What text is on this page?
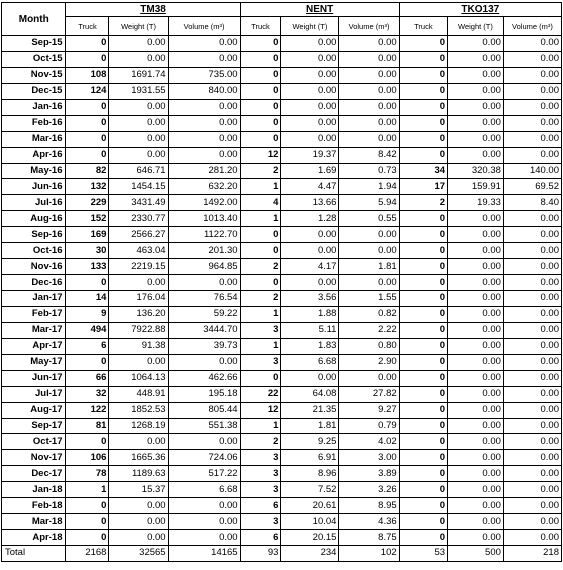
Month	TM38			NENT			TKO137		
	Truck	Weight (T)	Volume (m³)	Truck	Weight (T)	Volume (m³)	Truck	Weight (T)	Volume (m³)
Sep-15	0	0.00	0.00	0	0.00	0.00	0	0.00	0.00
Oct-15	0	0.00	0.00	0	0.00	0.00	0	0.00	0.00
Nov-15	108	1691.74	735.00	0	0.00	0.00	0	0.00	0.00
Dec-15	124	1931.55	840.00	0	0.00	0.00	0	0.00	0.00
Jan-16	0	0.00	0.00	0	0.00	0.00	0	0.00	0.00
Feb-16	0	0.00	0.00	0	0.00	0.00	0	0.00	0.00
Mar-16	0	0.00	0.00	0	0.00	0.00	0	0.00	0.00
Apr-16	0	0.00	0.00	12	19.37	8.42	0	0.00	0.00
May-16	82	646.71	281.20	2	1.69	0.73	34	320.38	140.00
Jun-16	132	1454.15	632.20	1	4.47	1.94	17	159.91	69.52
Jul-16	229	3431.49	1492.00	4	13.66	5.94	2	19.33	8.40
Aug-16	152	2330.77	1013.40	1	1.28	0.55	0	0.00	0.00
Sep-16	169	2566.27	1122.70	0	0.00	0.00	0	0.00	0.00
Oct-16	30	463.04	201.30	0	0.00	0.00	0	0.00	0.00
Nov-16	133	2219.15	964.85	2	4.17	1.81	0	0.00	0.00
Dec-16	0	0.00	0.00	0	0.00	0.00	0	0.00	0.00
Jan-17	14	176.04	76.54	2	3.56	1.55	0	0.00	0.00
Feb-17	9	136.20	59.22	1	1.88	0.82	0	0.00	0.00
Mar-17	494	7922.88	3444.70	3	5.11	2.22	0	0.00	0.00
Apr-17	6	91.38	39.73	1	1.83	0.80	0	0.00	0.00
May-17	0	0.00	0.00	3	6.68	2.90	0	0.00	0.00
Jun-17	66	1064.13	462.66	0	0.00	0.00	0	0.00	0.00
Jul-17	32	448.91	195.18	22	64.08	27.82	0	0.00	0.00
Aug-17	122	1852.53	805.44	12	21.35	9.27	0	0.00	0.00
Sep-17	81	1268.19	551.38	1	1.81	0.79	0	0.00	0.00
Oct-17	0	0.00	0.00	2	9.25	4.02	0	0.00	0.00
Nov-17	106	1665.36	724.06	3	6.91	3.00	0	0.00	0.00
Dec-17	78	1189.63	517.22	3	8.96	3.89	0	0.00	0.00
Jan-18	1	15.37	6.68	3	7.52	3.26	0	0.00	0.00
Feb-18	0	0.00	0.00	6	20.61	8.95	0	0.00	0.00
Mar-18	0	0.00	0.00	3	10.04	4.36	0	0.00	0.00
Apr-18	0	0.00	0.00	6	20.15	8.75	0	0.00	0.00
Total	2168	32565	14165	93	234	102	53	500	218
